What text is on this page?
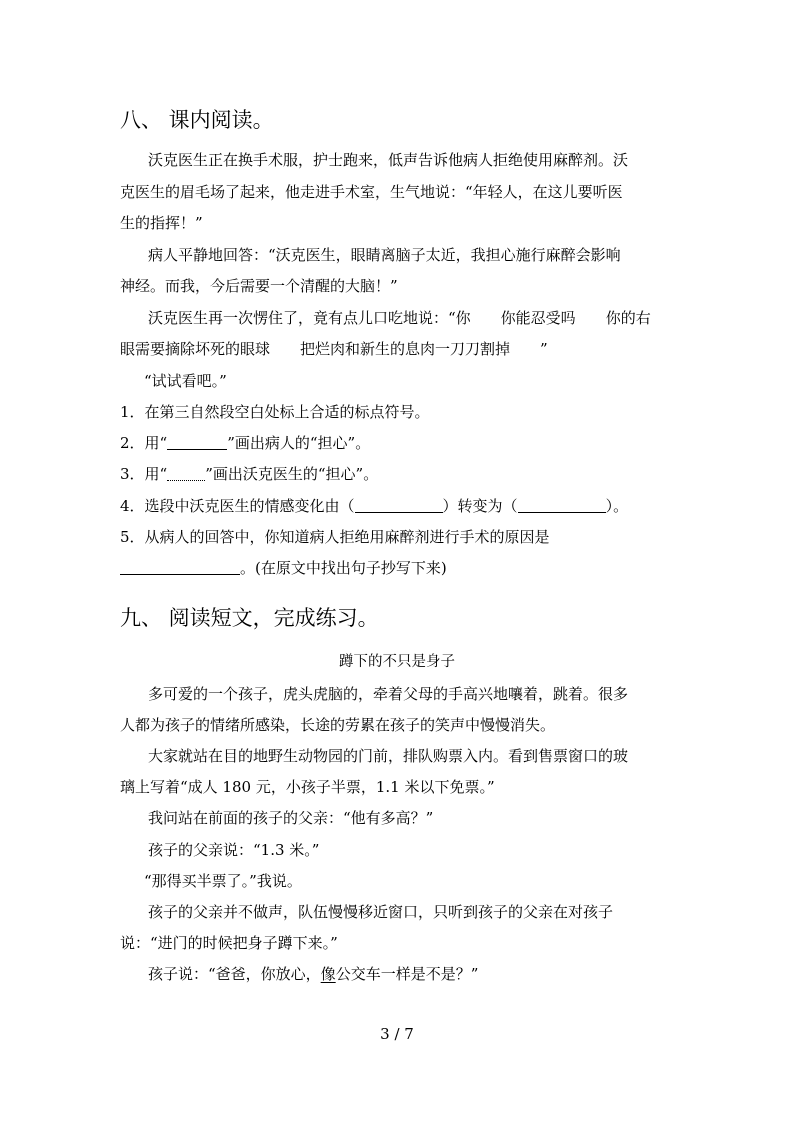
八、 课内阅读。
沃克医生正在换手术服，护士跑来，低声告诉他病人拒绝使用麻醉剂。沃
克医生的眉毛场了起来，他走进手术室，生气地说：“年轻人，在这儿要听医
生的指挥！”
病人平静地回答：“沃克医生，眼睛离脑子太近，我担心施行麻醉会影响
神经。而我，今后需要一个清醒的大脑！”
沃克医生再一次愣住了，竟有点儿口吃地说：“你 你能忍受吗 你的右
眼需要摘除坏死的眼球 把烂肉和新生的息肉一刀刀割掉 ”
“试试看吧。”
1．在第三自然段空白处标上合适的标点符号。
2．用“	”画出病人的“担心”。
3．用“	”画出沃克医生的“担心”。
4．选段中沃克医生的情感变化由（	）转变为（	）。
5．从病人的回答中，你知道病人拒绝用麻醉剂进行手术的原因是
。(在原文中找出句子抄写下来)
九、 阅读短文，完成练习。
蹲下的不只是身子
多可爱的一个孩子，虎头虎脑的，牵着父母的手高兴地嚷着，跳着。很多
人都为孩子的情绪所感染，长途的劳累在孩子的笑声中慢慢消失。
大家就站在目的地野生动物园的门前，排队购票入内。看到售票窗口的玻
璃上写着“成人 180 元，小孩子半票，1.1 米以下免票。”
我问站在前面的孩子的父亲：“他有多高？”
孩子的父亲说：“1.3 米。”
“那得买半票了。”我说。
孩子的父亲并不做声，队伍慢慢移近窗口，只听到孩子的父亲在对孩子
说：“进门的时候把身子蹲下来。”
孩子说：“爸爸，你放心，像公交车一样是不是？”
3 / 7
